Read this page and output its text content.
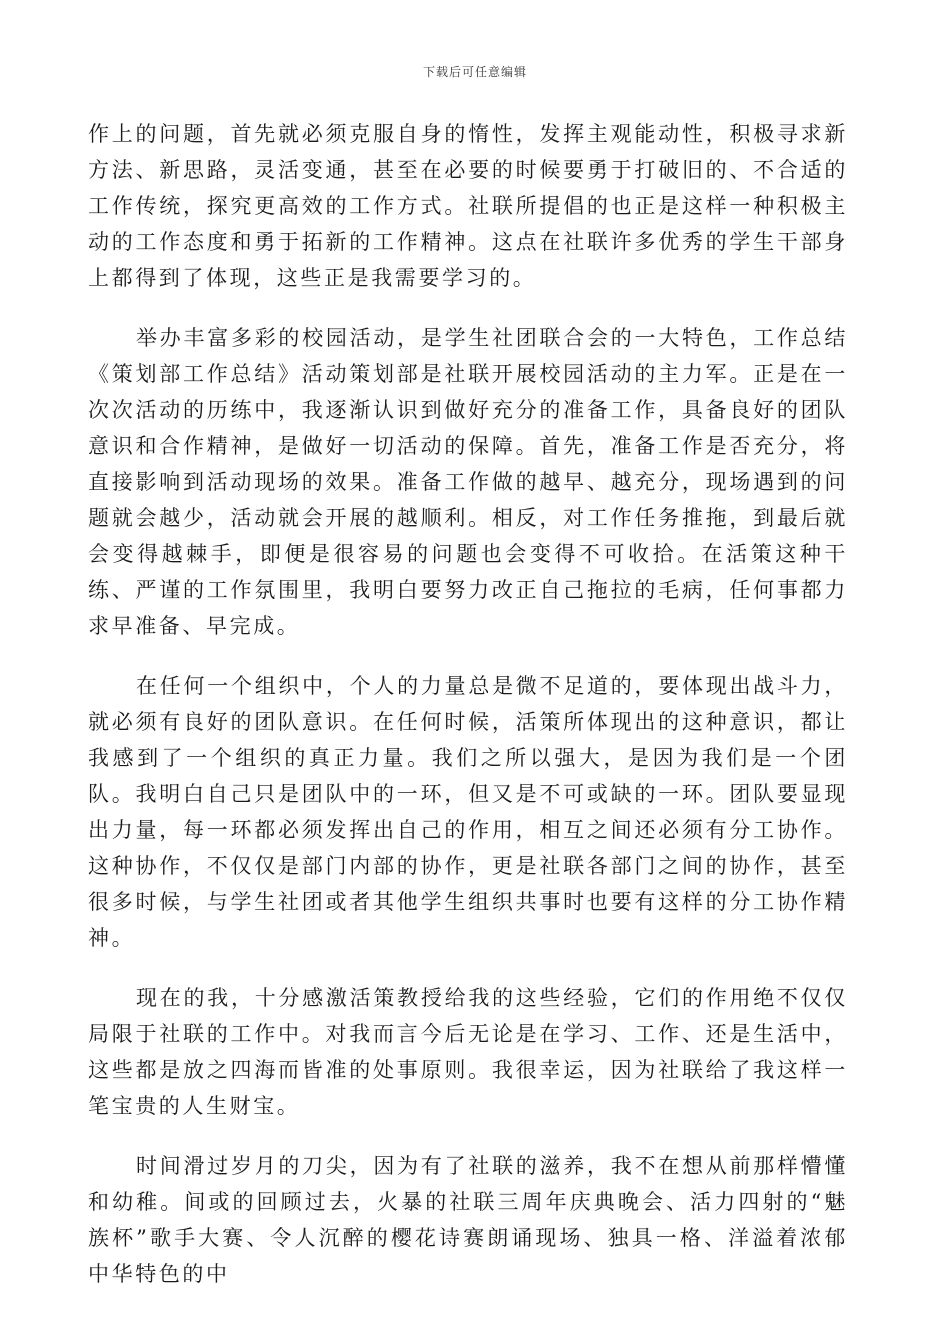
下载后可任意编辑

作上的问题，首先就必须克服自身的惰性，发挥主观能动性，积极寻求新方法、新思路，灵活变通，甚至在必要的时候要勇于打破旧的、不合适的工作传统，探究更高效的工作方式。社联所提倡的也正是这样一种积极主动的工作态度和勇于拓新的工作精神。这点在社联许多优秀的学生干部身上都得到了体现，这些正是我需要学习的。

举办丰富多彩的校园活动，是学生社团联合会的一大特色，工作总结《策划部工作总结》活动策划部是社联开展校园活动的主力军。正是在一次次活动的历练中，我逐渐认识到做好充分的准备工作，具备良好的团队意识和合作精神，是做好一切活动的保障。首先，准备工作是否充分，将直接影响到活动现场的效果。准备工作做的越早、越充分，现场遇到的问题就会越少，活动就会开展的越顺利。相反，对工作任务推拖，到最后就会变得越棘手，即便是很容易的问题也会变得不可收拾。在活策这种干练、严谨的工作氛围里，我明白要努力改正自己拖拉的毛病，任何事都力求早准备、早完成。

在任何一个组织中，个人的力量总是微不足道的，要体现出战斗力，就必须有良好的团队意识。在任何时候，活策所体现出的这种意识，都让我感到了一个组织的真正力量。我们之所以强大，是因为我们是一个团队。我明白自己只是团队中的一环，但又是不可或缺的一环。团队要显现出力量，每一环都必须发挥出自己的作用，相互之间还必须有分工协作。这种协作，不仅仅是部门内部的协作，更是社联各部门之间的协作，甚至很多时候，与学生社团或者其他学生组织共事时也要有这样的分工协作精神。

现在的我，十分感激活策教授给我的这些经验，它们的作用绝不仅仅局限于社联的工作中。对我而言今后无论是在学习、工作、还是生活中，这些都是放之四海而皆准的处事原则。我很幸运，因为社联给了我这样一笔宝贵的人生财宝。

时间滑过岁月的刀尖，因为有了社联的滋养，我不在想从前那样懵懂和幼稚。间或的回顾过去，火暴的社联三周年庆典晚会、活力四射的“魅族杯”歌手大赛、令人沉醉的樱花诗赛朗诵现场、独具一格、洋溢着浓郁中华特色的中
